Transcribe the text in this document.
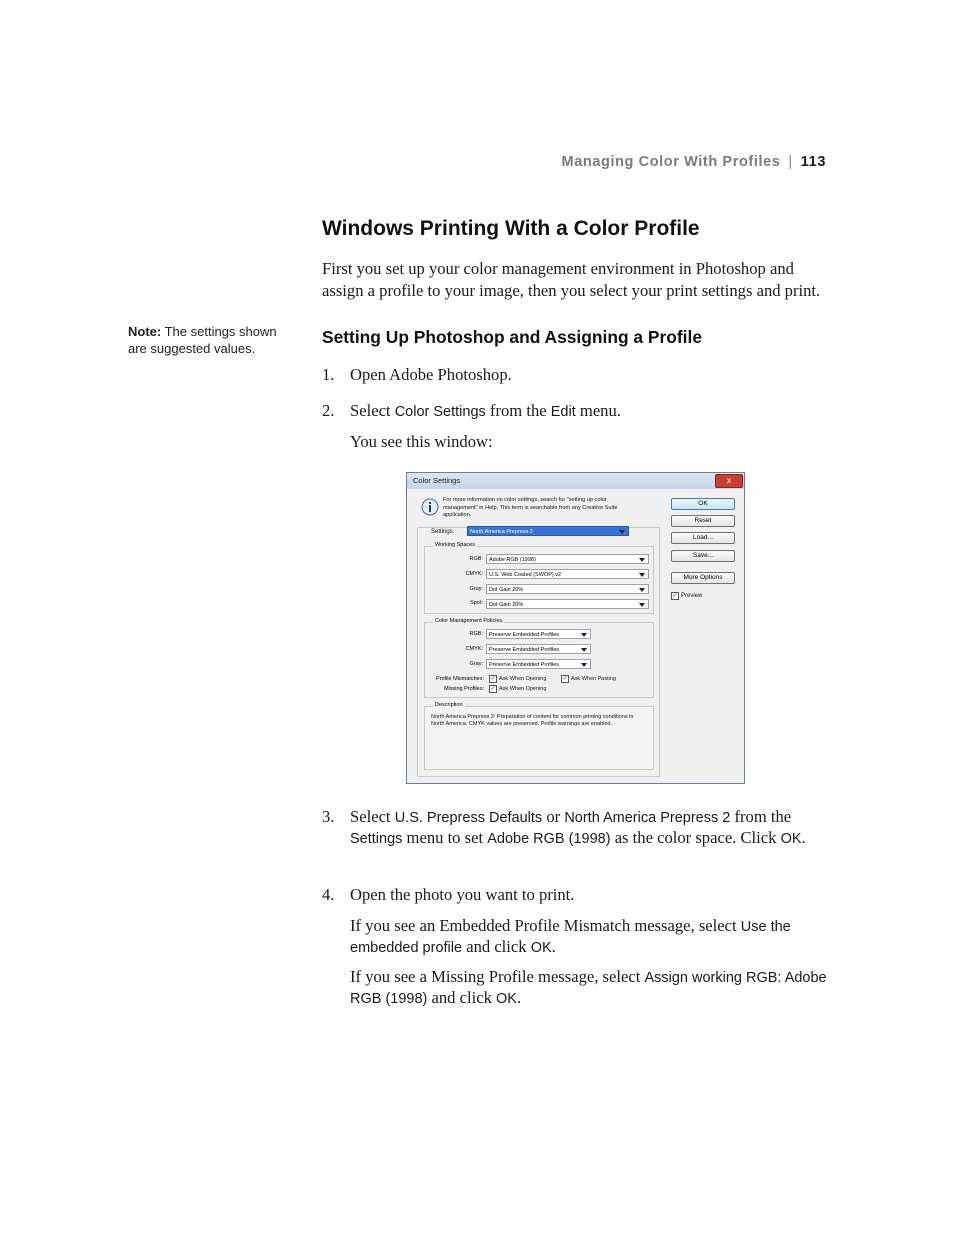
Managing Color With Profiles | 113
Windows Printing With a Color Profile
First you set up your color management environment in Photoshop and assign a profile to your image, then you select your print settings and print.
Note: The settings shown are suggested values.
Setting Up Photoshop and Assigning a Profile
1. Open Adobe Photoshop.
2. Select Color Settings from the Edit menu.
You see this window:
Color Settings	x
For more information on color settings, search for "setting up color management" in Help. This term is searchable from any Creative Suite application.
Settings:	North America Prepress 2
Working Spaces
RGB:	Adobe RGB (1998)
CMYK:	U.S. Web Coated (SWOP) v2
Gray:	Dot Gain 20%
Spot:	Dot Gain 20%
Color Management Policies
RGB:	Preserve Embedded Profiles
CMYK:	Preserve Embedded Profiles
Gray:	Preserve Embedded Profiles
Profile Mismatches: ✓ Ask When Opening	✓ Ask When Pasting
Missing Profiles: ✓ Ask When Opening
Description
North America Prepress 2: Preparation of content for common printing conditions in North America. CMYK values are preserved. Profile warnings are enabled.
OK
Reset
Load...
Save...
More Options
✓ Preview
3. Select U.S. Prepress Defaults or North America Prepress 2 from the Settings menu to set Adobe RGB (1998) as the color space. Click OK.
4. Open the photo you want to print.
If you see an Embedded Profile Mismatch message, select Use the embedded profile and click OK.
If you see a Missing Profile message, select Assign working RGB: Adobe RGB (1998) and click OK.
